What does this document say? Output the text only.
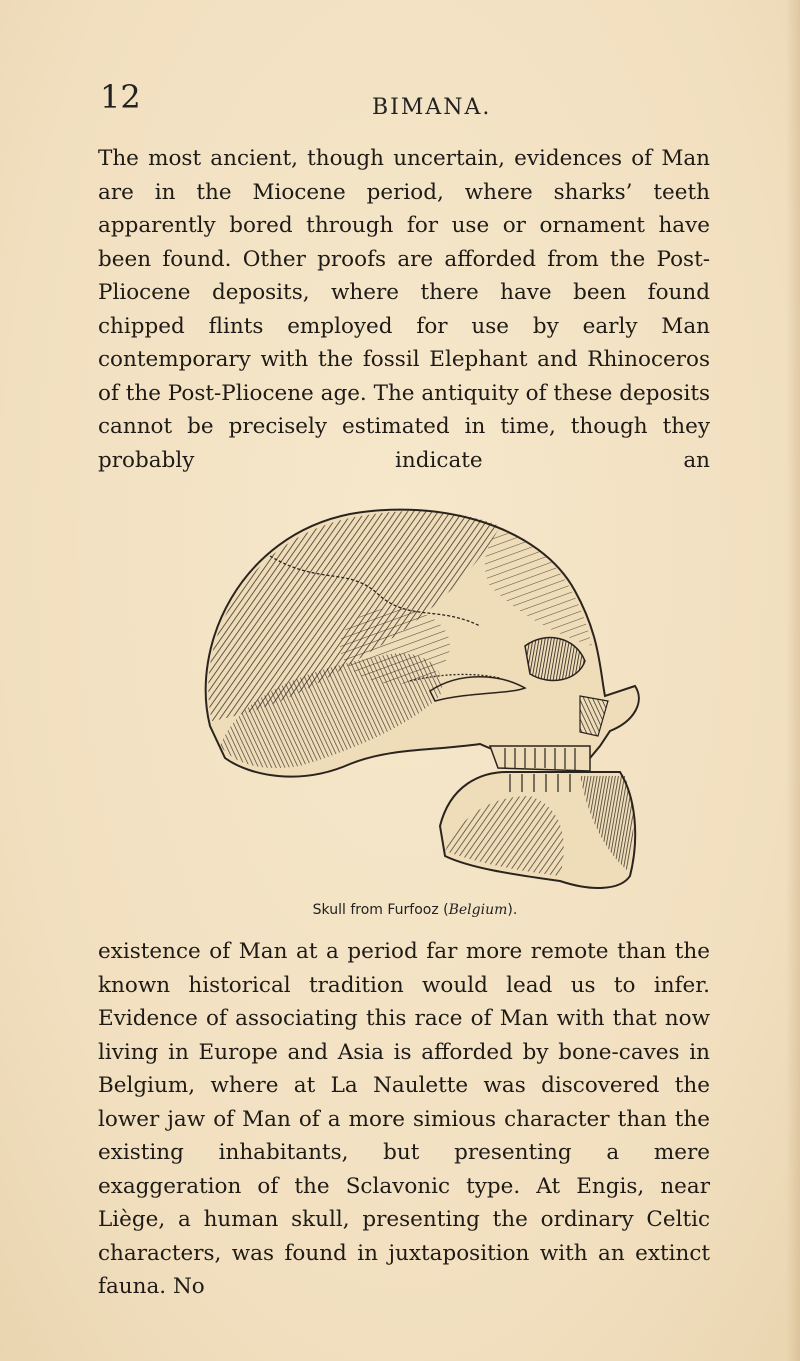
12	BIMANA.

The most ancient, though uncertain, evidences of Man are in the Miocene period, where sharks’ teeth apparently bored through for use or ornament have been found. Other proofs are afforded from the Post-Pliocene deposits, where there have been found chipped flints employed for use by early Man contemporary with the fossil Elephant and Rhinoceros of the Post-Pliocene age. The antiquity of these deposits cannot be precisely estimated in time, though they probably indicate an

Skull from Furfooz (Belgium).

existence of Man at a period far more remote than the known historical tradition would lead us to infer. Evidence of associating this race of Man with that now living in Europe and Asia is afforded by bone-caves in Belgium, where at La Naulette was discovered the lower jaw of Man of a more simious character than the existing inhabitants, but presenting a mere exaggeration of the Sclavonic type. At Engis, near Liège, a human skull, presenting the ordinary Celtic characters, was found in juxtaposition with an extinct fauna. No
